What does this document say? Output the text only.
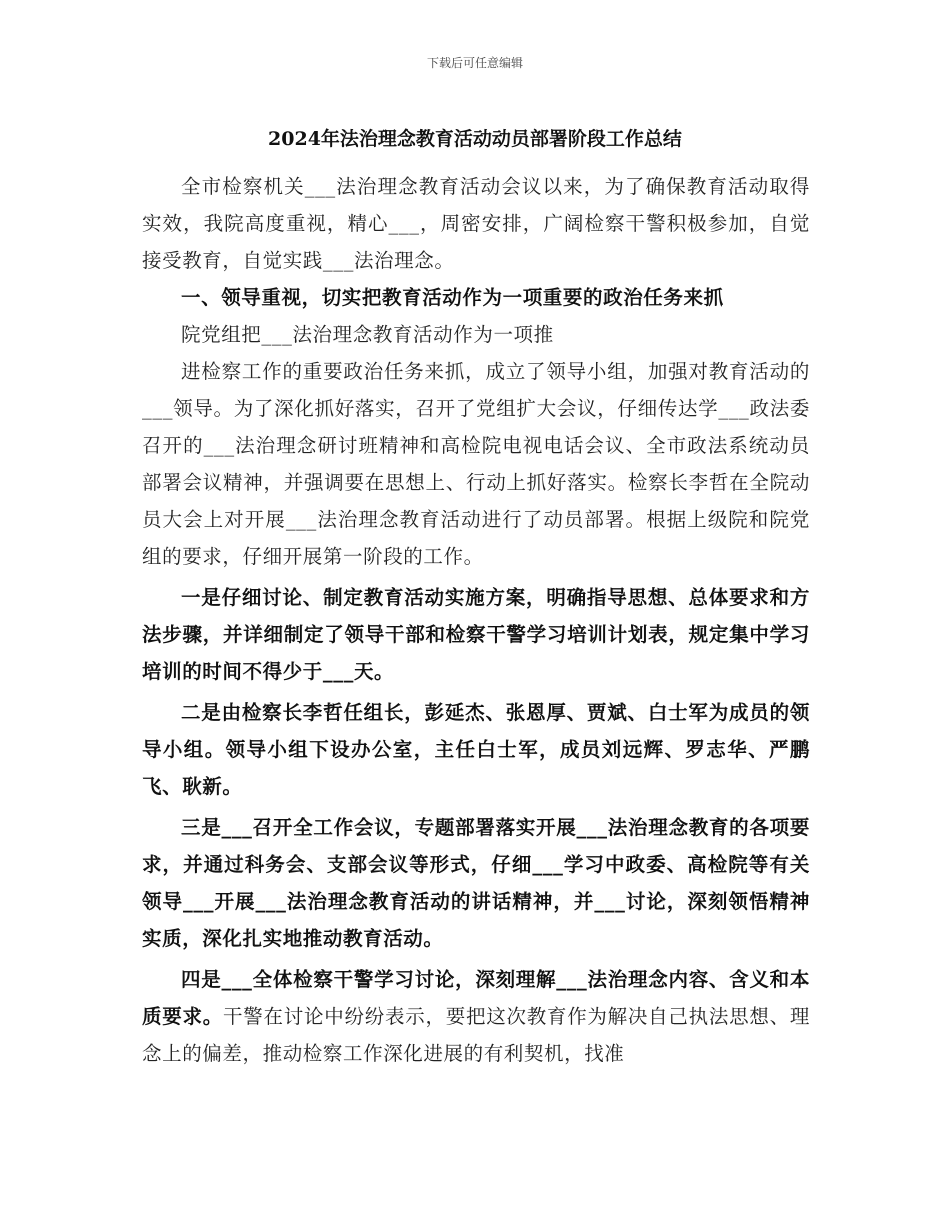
下载后可任意编辑
2024年法治理念教育活动动员部署阶段工作总结

全市检察机关___法治理念教育活动会议以来，为了确保教育活动取得实效，我院高度重视，精心___，周密安排，广阔检察干警积极参加，自觉接受教育，自觉实践___法治理念。

一、领导重视，切实把教育活动作为一项重要的政治任务来抓

院党组把___法治理念教育活动作为一项推

进检察工作的重要政治任务来抓，成立了领导小组，加强对教育活动的___领导。为了深化抓好落实，召开了党组扩大会议，仔细传达学___政法委召开的___法治理念研讨班精神和高检院电视电话会议、全市政法系统动员部署会议精神，并强调要在思想上、行动上抓好落实。检察长李哲在全院动员大会上对开展___法治理念教育活动进行了动员部署。根据上级院和院党组的要求，仔细开展第一阶段的工作。

一是仔细讨论、制定教育活动实施方案，明确指导思想、总体要求和方法步骤，并详细制定了领导干部和检察干警学习培训计划表，规定集中学习培训的时间不得少于___天。

二是由检察长李哲任组长，彭延杰、张恩厚、贾斌、白士军为成员的领导小组。领导小组下设办公室，主任白士军，成员刘远辉、罗志华、严鹏飞、耿新。

三是___召开全工作会议，专题部署落实开展___法治理念教育的各项要求，并通过科务会、支部会议等形式，仔细___学习中政委、高检院等有关领导___开展___法治理念教育活动的讲话精神，并___讨论，深刻领悟精神实质，深化扎实地推动教育活动。

四是___全体检察干警学习讨论，深刻理解___法治理念内容、含义和本质要求。干警在讨论中纷纷表示，要把这次教育作为解决自己执法思想、理念上的偏差，推动检察工作深化进展的有利契机，找准
